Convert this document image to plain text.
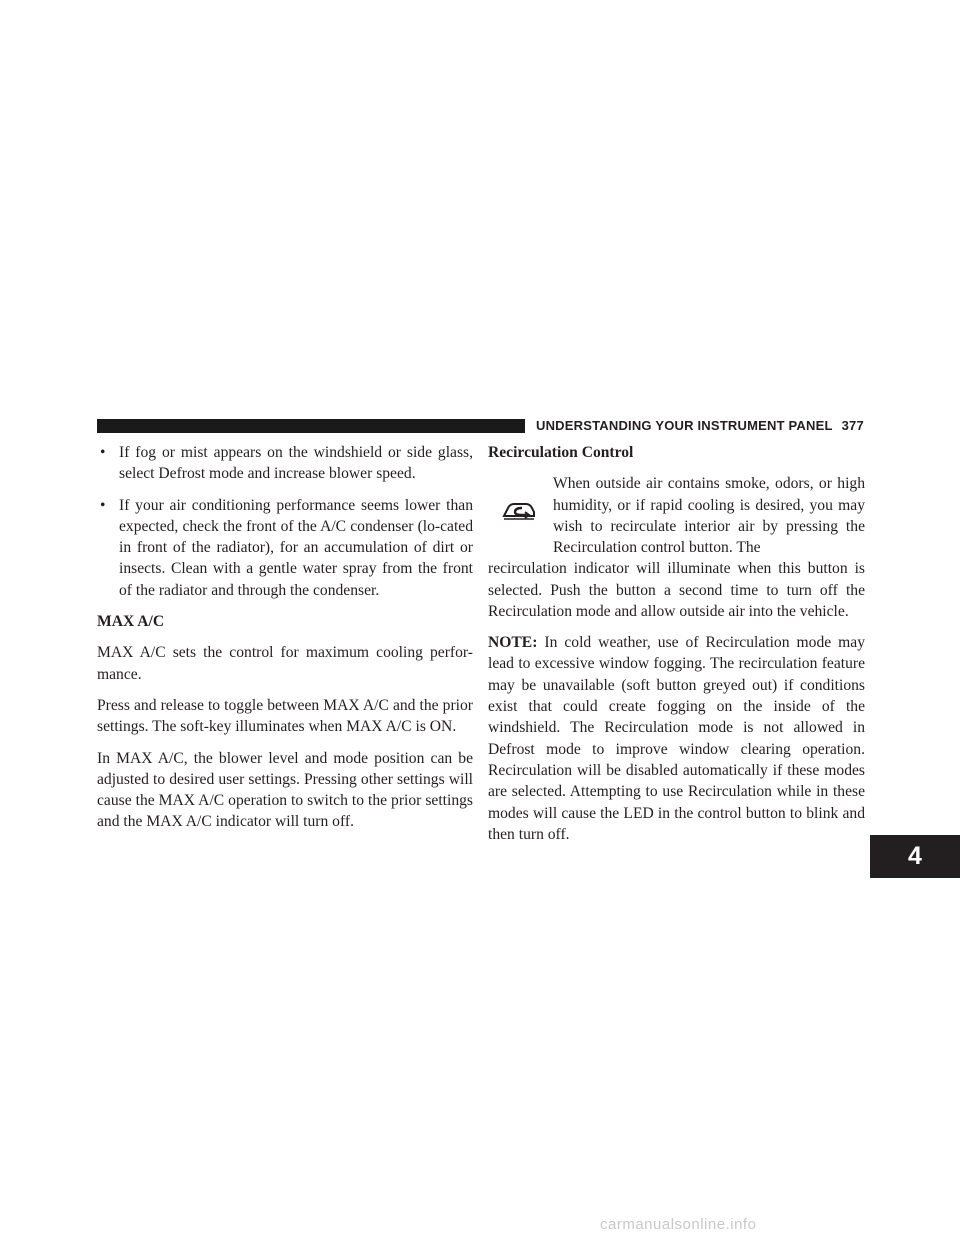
UNDERSTANDING YOUR INSTRUMENT PANEL 377
• If fog or mist appears on the windshield or side glass, select Defrost mode and increase blower speed.
• If your air conditioning performance seems lower than expected, check the front of the A/C condenser (lo-cated in front of the radiator), for an accumulation of dirt or insects. Clean with a gentle water spray from the front of the radiator and through the condenser.
MAX A/C

MAX A/C sets the control for maximum cooling perfor-mance.

Press and release to toggle between MAX A/C and the prior settings. The soft-key illuminates when MAX A/C is ON.

In MAX A/C, the blower level and mode position can be adjusted to desired user settings. Pressing other settings will cause the MAX A/C operation to switch to the prior settings and the MAX A/C indicator will turn off.

Recirculation Control
When outside air contains smoke, odors, or high humidity, or if rapid cooling is desired, you may wish to recirculate interior air by pressing the Recirculation control button. The

recirculation indicator will illuminate when this button is selected. Push the button a second time to turn off the Recirculation mode and allow outside air into the vehicle.

NOTE: In cold weather, use of Recirculation mode may lead to excessive window fogging. The recirculation feature may be unavailable (soft button greyed out) if conditions exist that could create fogging on the inside of the windshield. The Recirculation mode is not allowed in Defrost mode to improve window clearing operation. Recirculation will be disabled automatically if these modes are selected. Attempting to use Recirculation while in these modes will cause the LED in the control button to blink and then turn off.

4
carmanualsonline.info
